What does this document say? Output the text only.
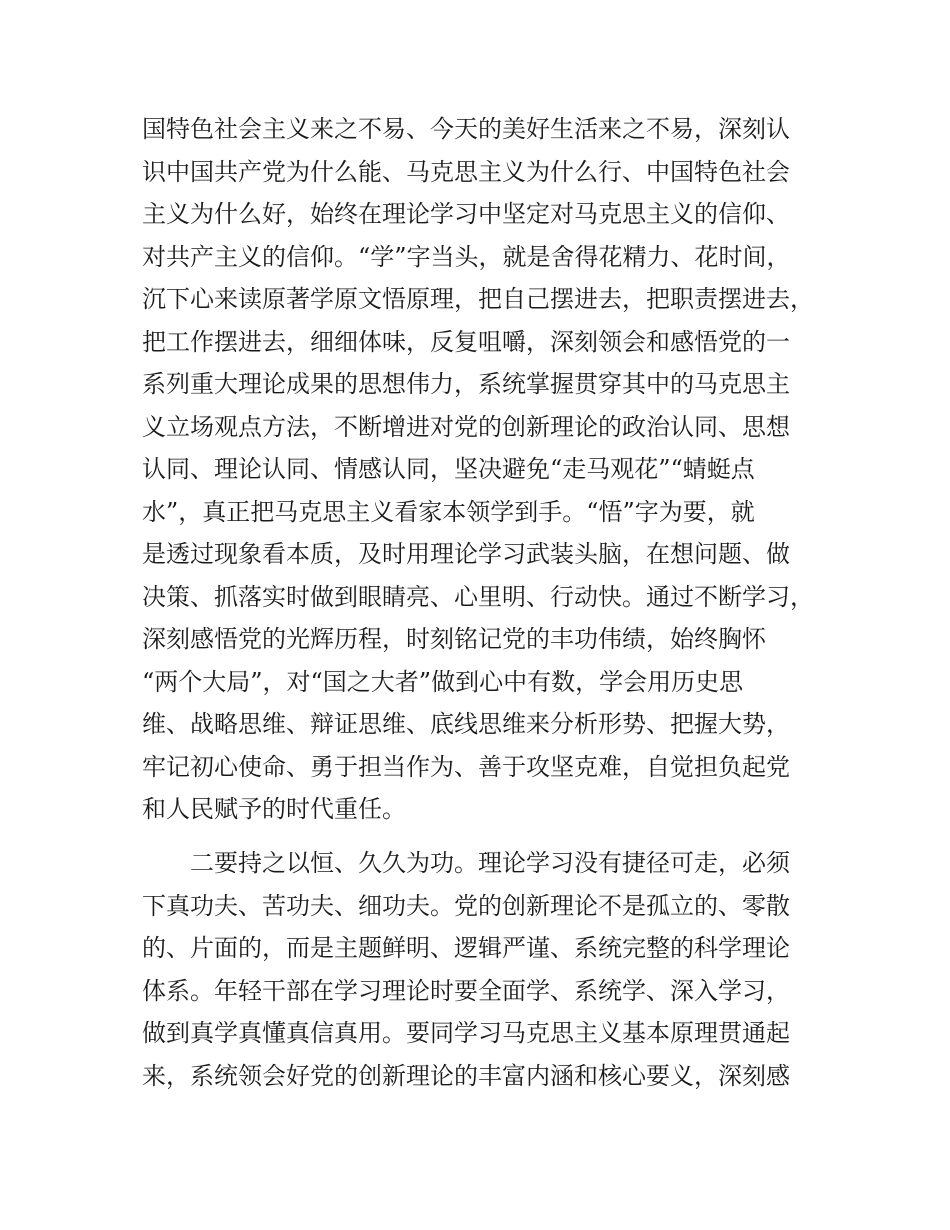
国特色社会主义来之不易、今天的美好生活来之不易，深刻认
识中国共产党为什么能、马克思主义为什么行、中国特色社会
主义为什么好，始终在理论学习中坚定对马克思主义的信仰、
对共产主义的信仰。“学”字当头，就是舍得花精力、花时间，
沉下心来读原著学原文悟原理，把自己摆进去，把职责摆进去，
把工作摆进去，细细体味，反复咀嚼，深刻领会和感悟党的一
系列重大理论成果的思想伟力，系统掌握贯穿其中的马克思主
义立场观点方法，不断增进对党的创新理论的政治认同、思想
认同、理论认同、情感认同，坚决避免“走马观花”“蜻蜓点
水”，真正把马克思主义看家本领学到手。“悟”字为要，就
是透过现象看本质，及时用理论学习武装头脑，在想问题、做
决策、抓落实时做到眼睛亮、心里明、行动快。通过不断学习，
深刻感悟党的光辉历程，时刻铭记党的丰功伟绩，始终胸怀
“两个大局”，对“国之大者”做到心中有数，学会用历史思
维、战略思维、辩证思维、底线思维来分析形势、把握大势，
牢记初心使命、勇于担当作为、善于攻坚克难，自觉担负起党
和人民赋予的时代重任。
　　二要持之以恒、久久为功。理论学习没有捷径可走，必须
下真功夫、苦功夫、细功夫。党的创新理论不是孤立的、零散
的、片面的，而是主题鲜明、逻辑严谨、系统完整的科学理论
体系。年轻干部在学习理论时要全面学、系统学、深入学习，
做到真学真懂真信真用。要同学习马克思主义基本原理贯通起
来，系统领会好党的创新理论的丰富内涵和核心要义，深刻感
